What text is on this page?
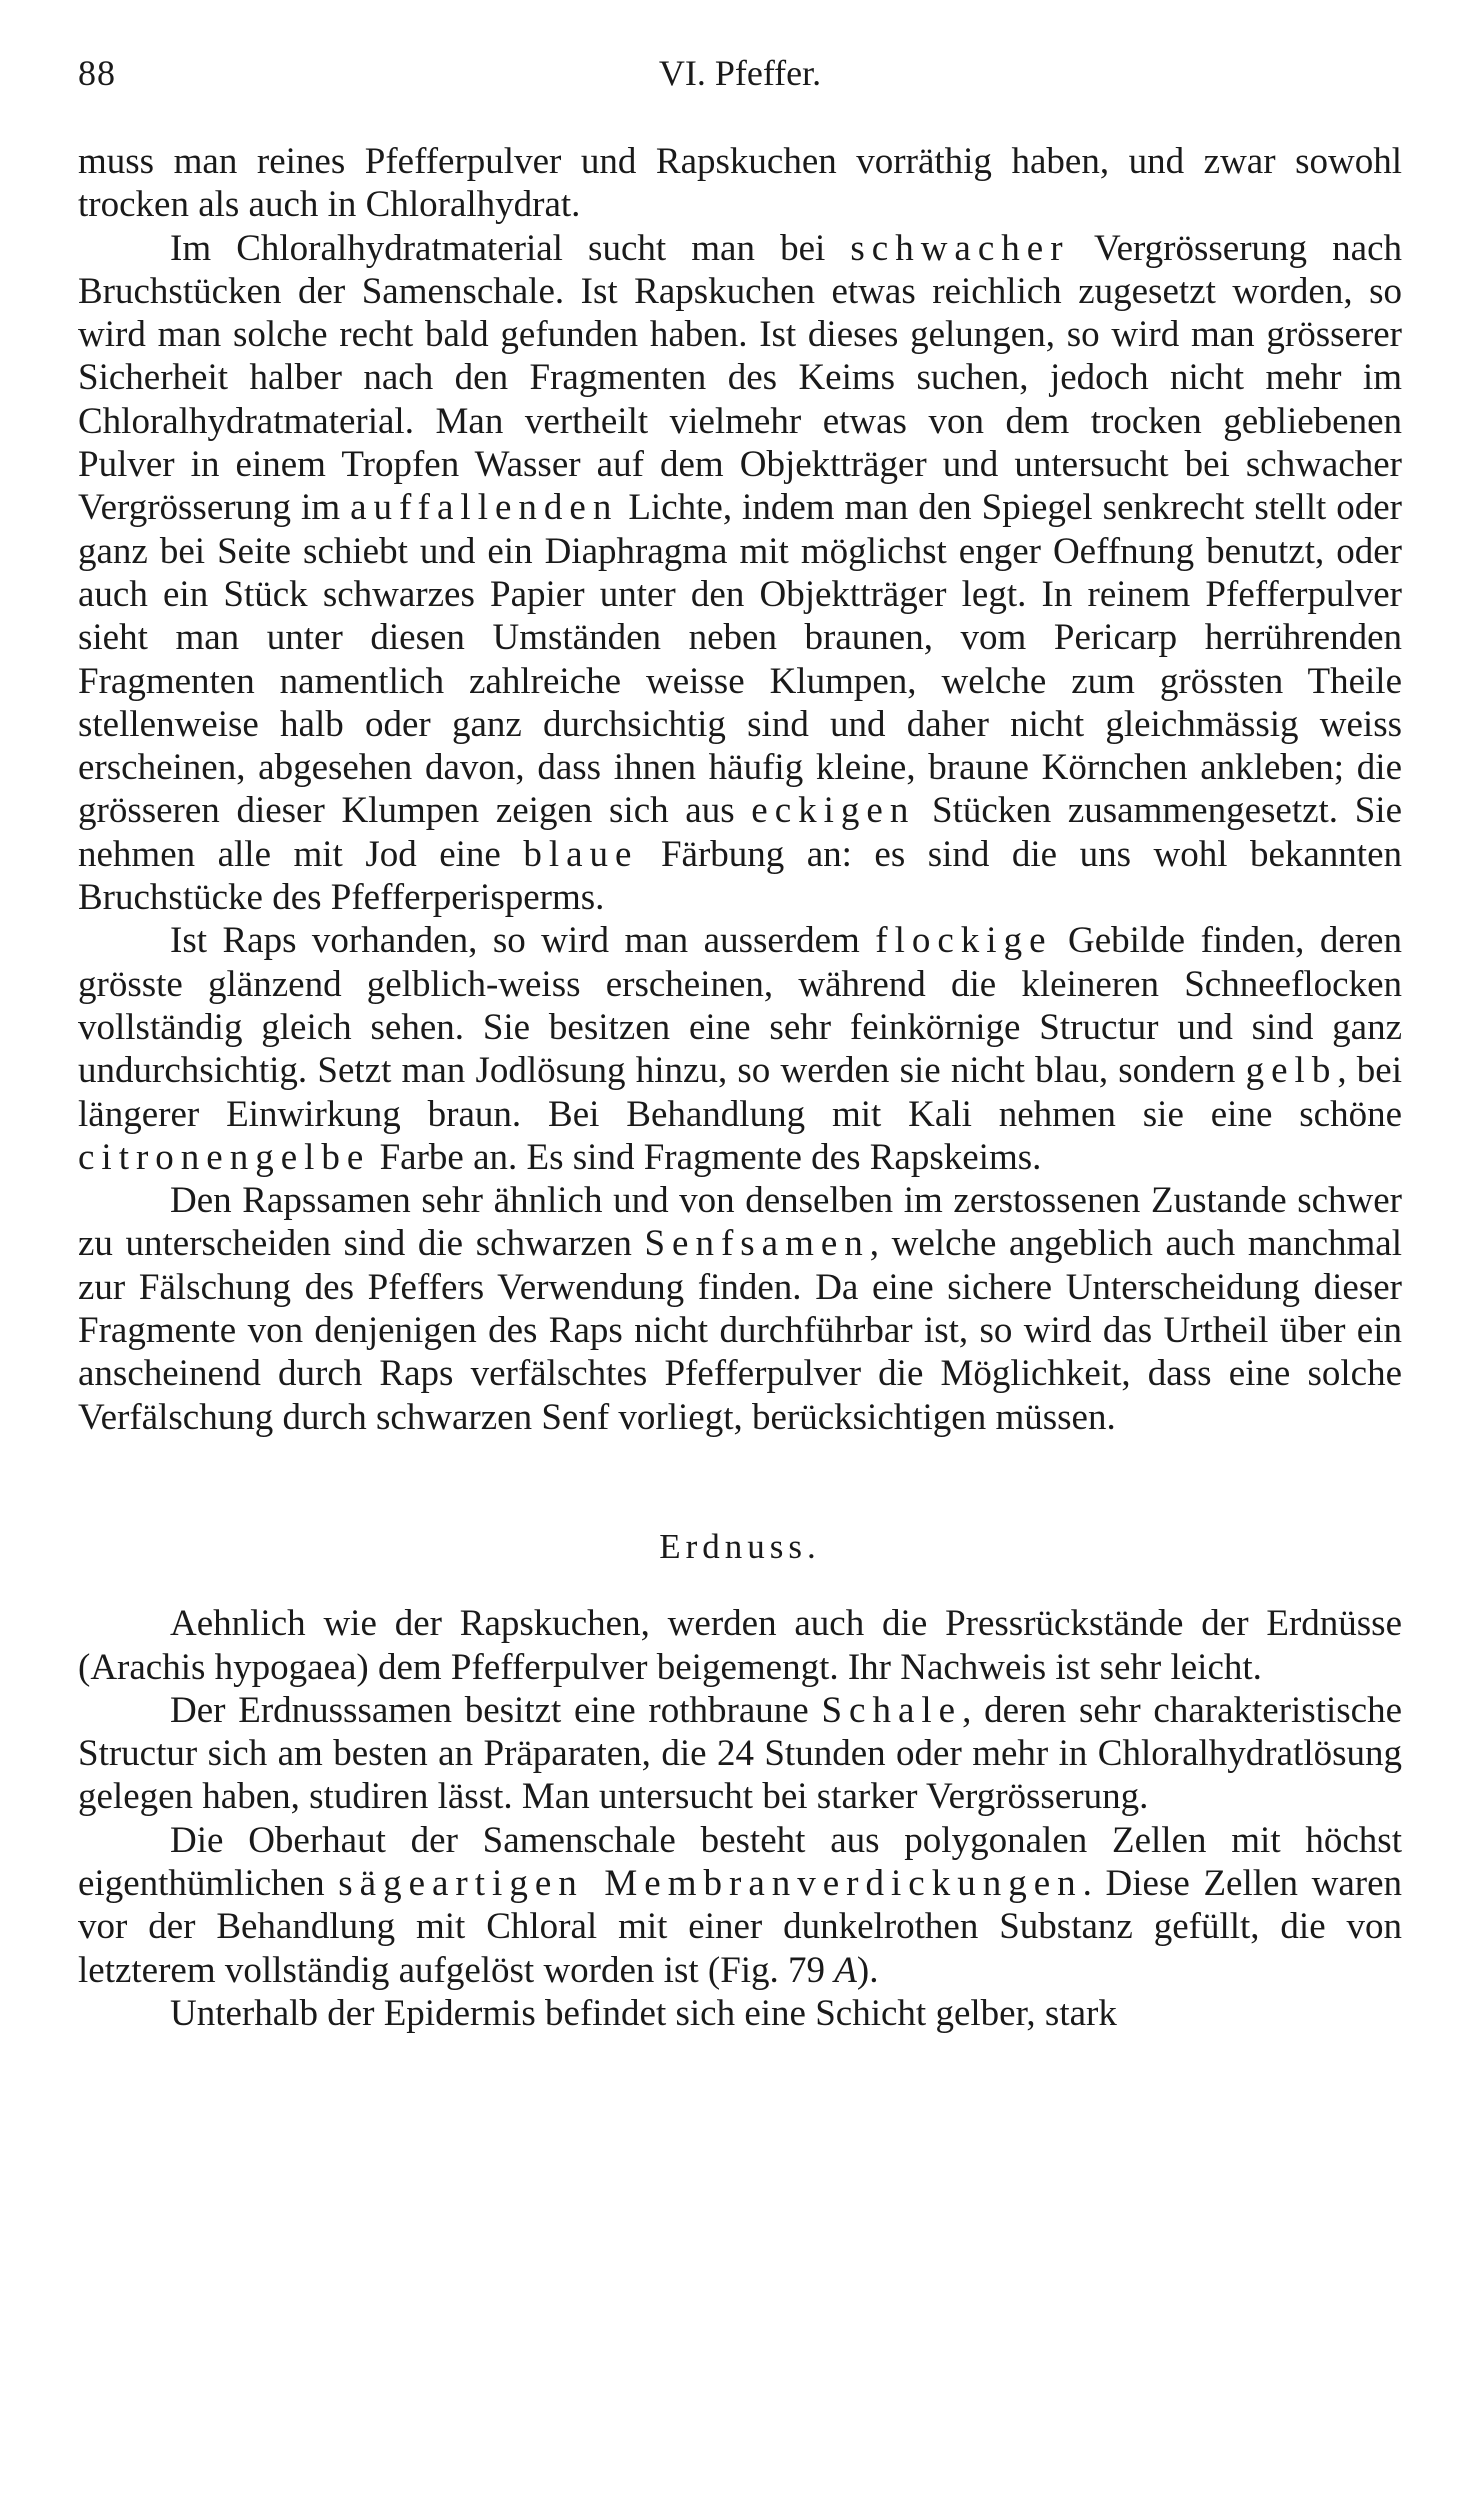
88	VI. Pfeffer.

muss man reines Pfefferpulver und Rapskuchen vorräthig haben, und zwar sowohl trocken als auch in Chloralhydrat.

Im Chloralhydratmaterial sucht man bei schwacher Vergrösserung nach Bruchstücken der Samenschale. Ist Rapskuchen etwas reichlich zugesetzt worden, so wird man solche recht bald gefunden haben. Ist dieses gelungen, so wird man grösserer Sicherheit halber nach den Fragmenten des Keims suchen, jedoch nicht mehr im Chloralhydratmaterial. Man vertheilt vielmehr etwas von dem trocken gebliebenen Pulver in einem Tropfen Wasser auf dem Objektträger und untersucht bei schwacher Vergrösserung im auffallenden Lichte, indem man den Spiegel senkrecht stellt oder ganz bei Seite schiebt und ein Diaphragma mit möglichst enger Oeffnung benutzt, oder auch ein Stück schwarzes Papier unter den Objektträger legt. In reinem Pfefferpulver sieht man unter diesen Umständen neben braunen, vom Pericarp herrührenden Fragmenten namentlich zahlreiche weisse Klumpen, welche zum grössten Theile stellenweise halb oder ganz durchsichtig sind und daher nicht gleichmässig weiss erscheinen, abgesehen davon, dass ihnen häufig kleine, braune Körnchen ankleben; die grösseren dieser Klumpen zeigen sich aus eckigen Stücken zusammengesetzt. Sie nehmen alle mit Jod eine blaue Färbung an: es sind die uns wohl bekannten Bruchstücke des Pfefferperisperms.

Ist Raps vorhanden, so wird man ausserdem flockige Gebilde finden, deren grösste glänzend gelblich-weiss erscheinen, während die kleineren Schneeflocken vollständig gleich sehen. Sie besitzen eine sehr feinkörnige Structur und sind ganz undurchsichtig. Setzt man Jodlösung hinzu, so werden sie nicht blau, sondern gelb, bei längerer Einwirkung braun. Bei Behandlung mit Kali nehmen sie eine schöne citronengelbe Farbe an. Es sind Fragmente des Rapskeims.

Den Rapssamen sehr ähnlich und von denselben im zerstossenen Zustande schwer zu unterscheiden sind die schwarzen Senfsamen, welche angeblich auch manchmal zur Fälschung des Pfeffers Verwendung finden. Da eine sichere Unterscheidung dieser Fragmente von denjenigen des Raps nicht durchführbar ist, so wird das Urtheil über ein anscheinend durch Raps verfälschtes Pfefferpulver die Möglichkeit, dass eine solche Verfälschung durch schwarzen Senf vorliegt, berücksichtigen müssen.

Erdnuss.

Aehnlich wie der Rapskuchen, werden auch die Pressrückstände der Erdnüsse (Arachis hypogaea) dem Pfefferpulver beigemengt. Ihr Nachweis ist sehr leicht.

Der Erdnusssamen besitzt eine rothbraune Schale, deren sehr charakteristische Structur sich am besten an Präparaten, die 24 Stunden oder mehr in Chloralhydratlösung gelegen haben, studiren lässt. Man untersucht bei starker Vergrösserung.

Die Oberhaut der Samenschale besteht aus polygonalen Zellen mit höchst eigenthümlichen sägeartigen Membranverdickungen. Diese Zellen waren vor der Behandlung mit Chloral mit einer dunkelrothen Substanz gefüllt, die von letzterem vollständig aufgelöst worden ist (Fig. 79 A).

Unterhalb der Epidermis befindet sich eine Schicht gelber, stark
